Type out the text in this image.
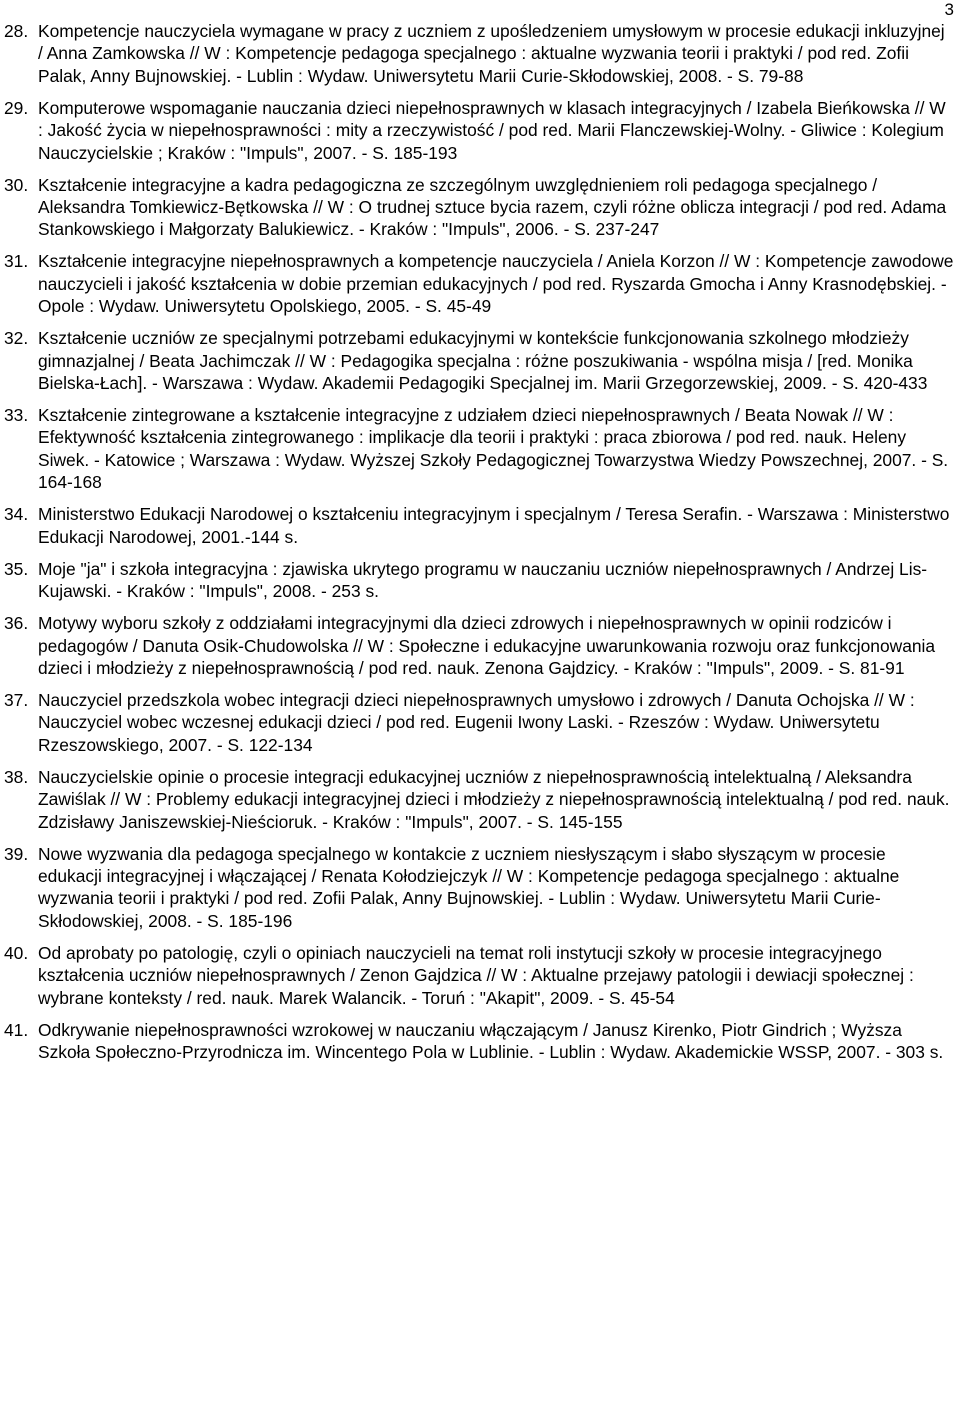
3
28. Kompetencje nauczyciela wymagane w pracy z uczniem z upośledzeniem umysłowym w procesie edukacji inkluzyjnej / Anna Zamkowska // W : Kompetencje pedagoga specjalnego : aktualne wyzwania teorii i praktyki / pod red. Zofii Palak, Anny Bujnowskiej. - Lublin : Wydaw. Uniwersytetu Marii Curie-Skłodowskiej, 2008. - S. 79-88
29. Komputerowe wspomaganie nauczania dzieci niepełnosprawnych w klasach integracyjnych / Izabela Bieńkowska // W : Jakość życia w niepełnosprawności : mity a rzeczywistość / pod red. Marii Flanczewskiej-Wolny. - Gliwice : Kolegium Nauczycielskie ; Kraków : "Impuls", 2007. - S. 185-193
30. Kształcenie integracyjne a kadra pedagogiczna ze szczególnym uwzględnieniem roli pedagoga specjalnego / Aleksandra Tomkiewicz-Bętkowska // W : O trudnej sztuce bycia razem, czyli różne oblicza integracji / pod red. Adama Stankowskiego i Małgorzaty Balukiewicz. - Kraków : "Impuls", 2006. - S. 237-247
31. Kształcenie integracyjne niepełnosprawnych a kompetencje nauczyciela / Aniela Korzon // W : Kompetencje zawodowe nauczycieli i jakość kształcenia w dobie przemian edukacyjnych / pod red. Ryszarda Gmocha i Anny Krasnodębskiej. - Opole : Wydaw. Uniwersytetu Opolskiego, 2005. - S. 45-49
32. Kształcenie uczniów ze specjalnymi potrzebami edukacyjnymi w kontekście funkcjonowania szkolnego młodzieży gimnazjalnej / Beata Jachimczak // W : Pedagogika specjalna : różne poszukiwania - wspólna misja / [red. Monika Bielska-Łach]. - Warszawa : Wydaw. Akademii Pedagogiki Specjalnej im. Marii Grzegorzewskiej, 2009. - S. 420-433
33. Kształcenie zintegrowane a kształcenie integracyjne z udziałem dzieci niepełnosprawnych / Beata Nowak // W : Efektywność kształcenia zintegrowanego : implikacje dla teorii i praktyki : praca zbiorowa / pod red. nauk. Heleny Siwek. - Katowice ; Warszawa : Wydaw. Wyższej Szkoły Pedagogicznej Towarzystwa Wiedzy Powszechnej, 2007. - S. 164-168
34. Ministerstwo Edukacji Narodowej o kształceniu integracyjnym i specjalnym / Teresa Serafin. - Warszawa : Ministerstwo Edukacji Narodowej, 2001.-144 s.
35. Moje "ja" i szkoła integracyjna : zjawiska ukrytego programu w nauczaniu uczniów niepełnosprawnych / Andrzej Lis-Kujawski. - Kraków : "Impuls", 2008. - 253 s.
36. Motywy wyboru szkoły z oddziałami integracyjnymi dla dzieci zdrowych i niepełnosprawnych w opinii rodziców i pedagogów / Danuta Osik-Chudowolska // W : Społeczne i edukacyjne uwarunkowania rozwoju oraz funkcjonowania dzieci i młodzieży z niepełnosprawnością / pod red. nauk. Zenona Gajdzicy. - Kraków : "Impuls", 2009. - S. 81-91
37. Nauczyciel przedszkola wobec integracji dzieci niepełnosprawnych umysłowo i zdrowych / Danuta Ochojska // W : Nauczyciel wobec wczesnej edukacji dzieci / pod red. Eugenii Iwony Laski. - Rzeszów : Wydaw. Uniwersytetu Rzeszowskiego, 2007. - S. 122-134
38. Nauczycielskie opinie o procesie integracji edukacyjnej uczniów z niepełnosprawnością intelektualną / Aleksandra Zawiślak // W : Problemy edukacji integracyjnej dzieci i młodzieży z niepełnosprawnością intelektualną / pod red. nauk. Zdzisławy Janiszewskiej-Nieścioruk. - Kraków : "Impuls", 2007. - S. 145-155
39. Nowe wyzwania dla pedagoga specjalnego w kontakcie z uczniem niesłyszącym i słabo słyszącym w procesie edukacji integracyjnej i włączającej / Renata Kołodziejczyk // W : Kompetencje pedagoga specjalnego : aktualne wyzwania teorii i praktyki / pod red. Zofii Palak, Anny Bujnowskiej. - Lublin : Wydaw. Uniwersytetu Marii Curie-Skłodowskiej, 2008. - S. 185-196
40. Od aprobaty po patologię, czyli o opiniach nauczycieli na temat roli instytucji szkoły w procesie integracyjnego kształcenia uczniów niepełnosprawnych / Zenon Gajdzica // W : Aktualne przejawy patologii i dewiacji społecznej : wybrane konteksty / red. nauk. Marek Walancik. - Toruń : "Akapit", 2009. - S. 45-54
41. Odkrywanie niepełnosprawności wzrokowej w nauczaniu włączającym / Janusz Kirenko, Piotr Gindrich ; Wyższa Szkoła Społeczno-Przyrodnicza im. Wincentego Pola w Lublinie. - Lublin : Wydaw. Akademickie WSSP, 2007. - 303 s.
